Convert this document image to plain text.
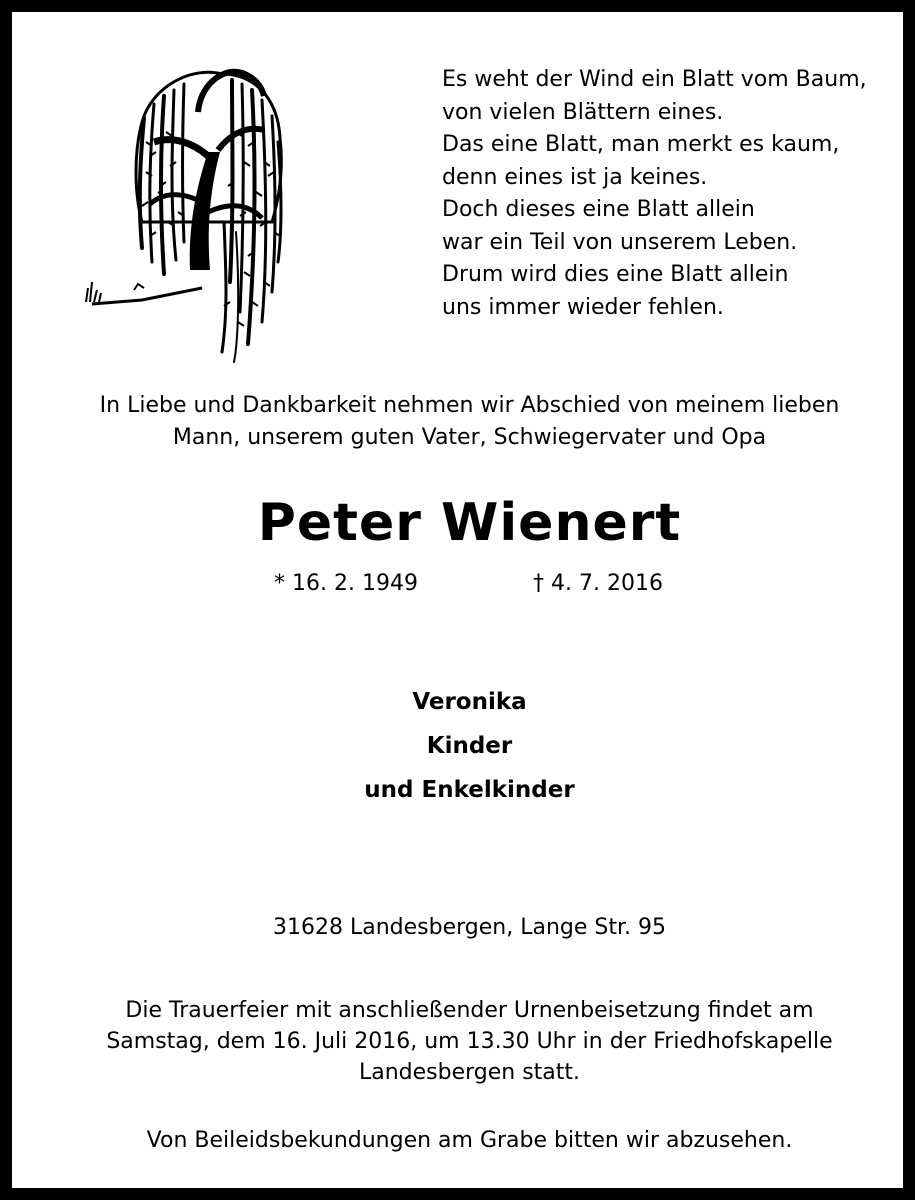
Es weht der Wind ein Blatt vom Baum,
von vielen Blättern eines.
Das eine Blatt, man merkt es kaum,
denn eines ist ja keines.
Doch dieses eine Blatt allein
war ein Teil von unserem Leben.
Drum wird dies eine Blatt allein
uns immer wieder fehlen.
In Liebe und Dankbarkeit nehmen wir Abschied von meinem lieben
Mann, unserem guten Vater, Schwiegervater und Opa
Peter Wienert
* 16. 2. 1949	† 4. 7. 2016
Veronika
Kinder
und Enkelkinder
31628 Landesbergen, Lange Str. 95
Die Trauerfeier mit anschließender Urnenbeisetzung findet am
Samstag, dem 16. Juli 2016, um 13.30 Uhr in der Friedhofskapelle
Landesbergen statt.
Von Beileidsbekundungen am Grabe bitten wir abzusehen.
